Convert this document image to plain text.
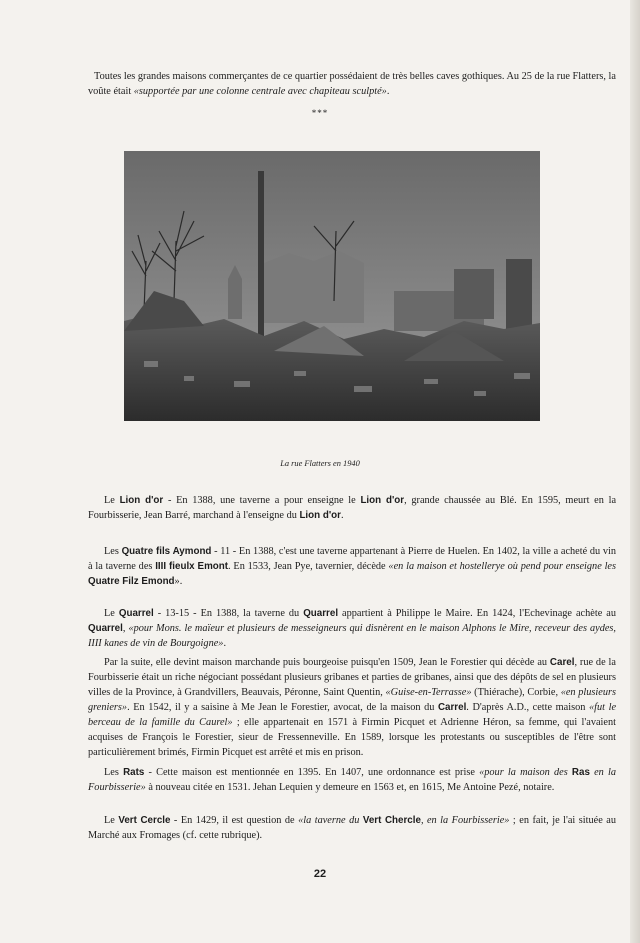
Toutes les grandes maisons commerçantes de ce quartier possédaient de très belles caves gothiques. Au 25 de la rue Flatters, la voûte était «supportée par une colonne centrale avec chapiteau sculpté».

***
La rue Flatters en 1940

Le Lion d'or - En 1388, une taverne a pour enseigne le Lion d'or, grande chaussée au Blé. En 1595, meurt en la Fourbisserie, Jean Barré, marchand à l'enseigne du Lion d'or.

Les Quatre fils Aymond - 11 - En 1388, c'est une taverne appartenant à Pierre de Huelen. En 1402, la ville a acheté du vin à la taverne des IIII fieulx Emont. En 1533, Jean Pye, tavernier, décède «en la maison et hostelleryе où pend pour enseigne les Quatre Filz Emond».

Le Quarrel - 13-15 - En 1388, la taverne du Quarrel appartient à Philippe le Maire. En 1424, l'Echevinage achète au Quarrel, «pour Mons. le maïeur et plusieurs de messeigneurs qui disnèrent en le maison Alphons le Mire, receveur des aydes, IIII kanes de vin de Bourgoigne».

Par la suite, elle devint maison marchande puis bourgeoise puisqu'en 1509, Jean le Forestier qui décède au Carel, rue de la Fourbisserie était un riche négociant possédant plusieurs gribanes et parties de gribanes, ainsi que des dépôts de sel en plusieurs villes de la Province, à Grandvillers, Beauvais, Péronne, Saint Quentin, «Guise-en-Terrasse» (Thiérache), Corbie, «en plusieurs greniers». En 1542, il y a saisine à Me Jean le Forestier, avocat, de la maison du Carrel. D'après A.D., cette maison «fut le berceau de la famille du Caurel» ; elle appartenait en 1571 à Firmin Picquet et Adrienne Héron, sa femme, qui l'avaient acquises de François le Forestier, sieur de Fressenneville. En 1589, lorsque les protestants ou susceptibles de l'être sont particulièrement brimés, Firmin Picquet est arrêté et mis en prison.

Les Rats - Cette maison est mentionnée en 1395. En 1407, une ordonnance est prise «pour la maison des Ras en la Fourbisserie» à nouveau citée en 1531. Jehan Lequien y demeure en 1563 et, en 1615, Me Antoine Pezé, notaire.

Le Vert Cercle - En 1429, il est question de «la taverne du Vert Chercle, en la Fourbisserie» ; en fait, je l'ai située au Marché aux Fromages (cf. cette rubrique).

22
